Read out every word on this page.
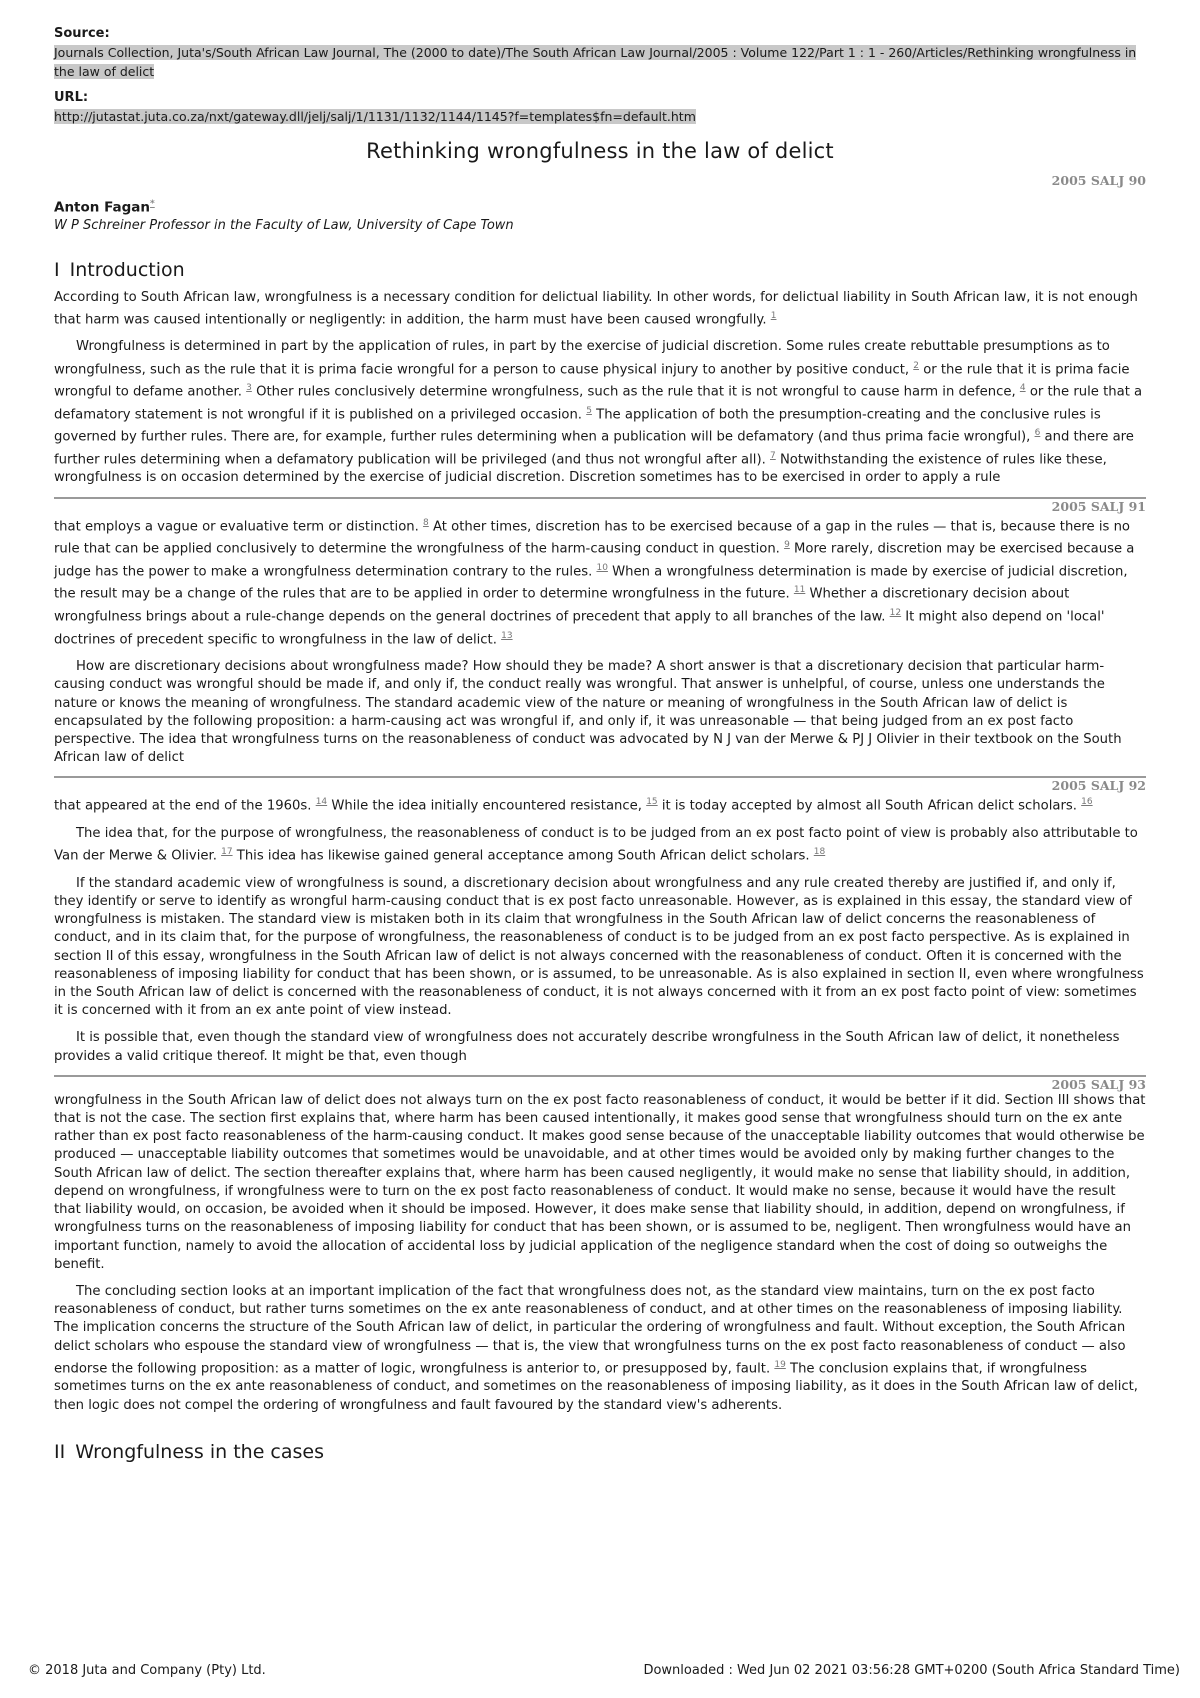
Source:
Journals Collection, Juta's/South African Law Journal, The (2000 to date)/The South African Law Journal/2005 : Volume 122/Part 1 : 1 - 260/Articles/Rethinking wrongfulness in the law of delict
URL:
http://jutastat.juta.co.za/nxt/gateway.dll/jelj/salj/1/1131/1132/1144/1145?f=templates$fn=default.htm
Rethinking wrongfulness in the law of delict
2005 SALJ 90
Anton Fagan*
W P Schreiner Professor in the Faculty of Law, University of Cape Town
I Introduction

According to South African law, wrongfulness is a necessary condition for delictual liability. In other words, for delictual liability in South African law, it is not enough that harm was caused intentionally or negligently: in addition, the harm must have been caused wrongfully. $^1$

Wrongfulness is determined in part by the application of rules, in part by the exercise of judicial discretion. Some rules create rebuttable presumptions as to wrongfulness, such as the rule that it is prima facie wrongful for a person to cause physical injury to another by positive conduct, $^2$ or the rule that it is prima facie wrongful to defame another. $^3$ Other rules conclusively determine wrongfulness, such as the rule that it is not wrongful to cause harm in defence, $^4$ or the rule that a defamatory statement is not wrongful if it is published on a privileged occasion. $^5$ The application of both the presumption-creating and the conclusive rules is governed by further rules. There are, for example, further rules determining when a publication will be defamatory (and thus prima facie wrongful), $^6$ and there are further rules determining when a defamatory publication will be privileged (and thus not wrongful after all). $^7$ Notwithstanding the existence of rules like these, wrongfulness is on occasion determined by the exercise of judicial discretion. Discretion sometimes has to be exercised in order to apply a rule

2005 SALJ 91

that employs a vague or evaluative term or distinction. $^8$ At other times, discretion has to be exercised because of a gap in the rules — that is, because there is no rule that can be applied conclusively to determine the wrongfulness of the harm-causing conduct in question. $^9$ More rarely, discretion may be exercised because a judge has the power to make a wrongfulness determination contrary to the rules. $^{10}$ When a wrongfulness determination is made by exercise of judicial discretion, the result may be a change of the rules that are to be applied in order to determine wrongfulness in the future. $^{11}$ Whether a discretionary decision about wrongfulness brings about a rule-change depends on the general doctrines of precedent that apply to all branches of the law. $^{12}$ It might also depend on 'local' doctrines of precedent specific to wrongfulness in the law of delict. $^{13}$

How are discretionary decisions about wrongfulness made? How should they be made? A short answer is that a discretionary decision that particular harm-causing conduct was wrongful should be made if, and only if, the conduct really was wrongful. That answer is unhelpful, of course, unless one understands the nature or knows the meaning of wrongfulness. The standard academic view of the nature or meaning of wrongfulness in the South African law of delict is encapsulated by the following proposition: a harm-causing act was wrongful if, and only if, it was unreasonable — that being judged from an ex post facto perspective. The idea that wrongfulness turns on the reasonableness of conduct was advocated by N J van der Merwe & PJ J Olivier in their textbook on the South African law of delict

2005 SALJ 92

that appeared at the end of the 1960s. $^{14}$ While the idea initially encountered resistance, $^{15}$ it is today accepted by almost all South African delict scholars. $^{16}$

The idea that, for the purpose of wrongfulness, the reasonableness of conduct is to be judged from an ex post facto point of view is probably also attributable to Van der Merwe & Olivier. $^{17}$ This idea has likewise gained general acceptance among South African delict scholars. $^{18}$

If the standard academic view of wrongfulness is sound, a discretionary decision about wrongfulness and any rule created thereby are justified if, and only if, they identify or serve to identify as wrongful harm-causing conduct that is ex post facto unreasonable. However, as is explained in this essay, the standard view of wrongfulness is mistaken. The standard view is mistaken both in its claim that wrongfulness in the South African law of delict concerns the reasonableness of conduct, and in its claim that, for the purpose of wrongfulness, the reasonableness of conduct is to be judged from an ex post facto perspective. As is explained in section II of this essay, wrongfulness in the South African law of delict is not always concerned with the reasonableness of conduct. Often it is concerned with the reasonableness of imposing liability for conduct that has been shown, or is assumed, to be unreasonable. As is also explained in section II, even where wrongfulness in the South African law of delict is concerned with the reasonableness of conduct, it is not always concerned with it from an ex post facto point of view: sometimes it is concerned with it from an ex ante point of view instead.

It is possible that, even though the standard view of wrongfulness does not accurately describe wrongfulness in the South African law of delict, it nonetheless provides a valid critique thereof. It might be that, even though

2005 SALJ 93

wrongfulness in the South African law of delict does not always turn on the ex post facto reasonableness of conduct, it would be better if it did. Section III shows that that is not the case. The section first explains that, where harm has been caused intentionally, it makes good sense that wrongfulness should turn on the ex ante rather than ex post facto reasonableness of the harm-causing conduct. It makes good sense because of the unacceptable liability outcomes that would otherwise be produced — unacceptable liability outcomes that sometimes would be unavoidable, and at other times would be avoided only by making further changes to the South African law of delict. The section thereafter explains that, where harm has been caused negligently, it would make no sense that liability should, in addition, depend on wrongfulness, if wrongfulness were to turn on the ex post facto reasonableness of conduct. It would make no sense, because it would have the result that liability would, on occasion, be avoided when it should be imposed. However, it does make sense that liability should, in addition, depend on wrongfulness, if wrongfulness turns on the reasonableness of imposing liability for conduct that has been shown, or is assumed to be, negligent. Then wrongfulness would have an important function, namely to avoid the allocation of accidental loss by judicial application of the negligence standard when the cost of doing so outweighs the benefit.

The concluding section looks at an important implication of the fact that wrongfulness does not, as the standard view maintains, turn on the ex post facto reasonableness of conduct, but rather turns sometimes on the ex ante reasonableness of conduct, and at other times on the reasonableness of imposing liability. The implication concerns the structure of the South African law of delict, in particular the ordering of wrongfulness and fault. Without exception, the South African delict scholars who espouse the standard view of wrongfulness — that is, the view that wrongfulness turns on the ex post facto reasonableness of conduct — also endorse the following proposition: as a matter of logic, wrongfulness is anterior to, or presupposed by, fault. $^{19}$ The conclusion explains that, if wrongfulness sometimes turns on the ex ante reasonableness of conduct, and sometimes on the reasonableness of imposing liability, as it does in the South African law of delict, then logic does not compel the ordering of wrongfulness and fault favoured by the standard view's adherents.

II Wrongfulness in the cases
© 2018 Juta and Company (Pty) Ltd.	Downloaded : Wed Jun 02 2021 03:56:28 GMT+0200 (South Africa Standard Time)
